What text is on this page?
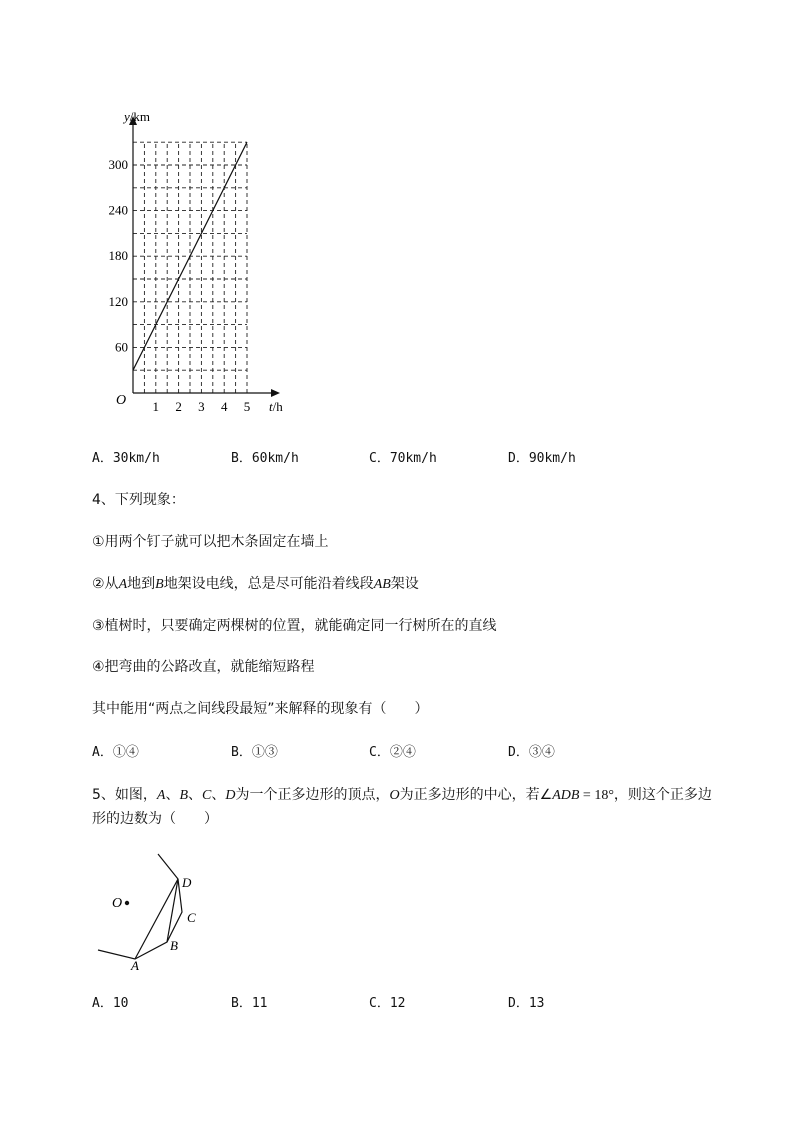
1 2 3 4 5
60
120
180
240
300
y/km
t/h
O
A．30km/h	B．60km/h	C．70km/h	D．90km/h
4、下列现象：
①用两个钉子就可以把木条固定在墙上
②从A地到B地架设电线，总是尽可能沿着线段AB架设
③植树时，只要确定两棵树的位置，就能确定同一行树所在的直线
④把弯曲的公路改直，就能缩短路程
其中能用“两点之间线段最短”来解释的现象有（　　）
A．①④	B．①③	C．②④	D．③④
5、如图，A、B、C、D为一个正多边形的顶点，O为正多边形的中心，若∠ADB = 18°，则这个正多边
形的边数为（　　）
O
D
C
B
A
A．10	B．11	C．12	D．13
